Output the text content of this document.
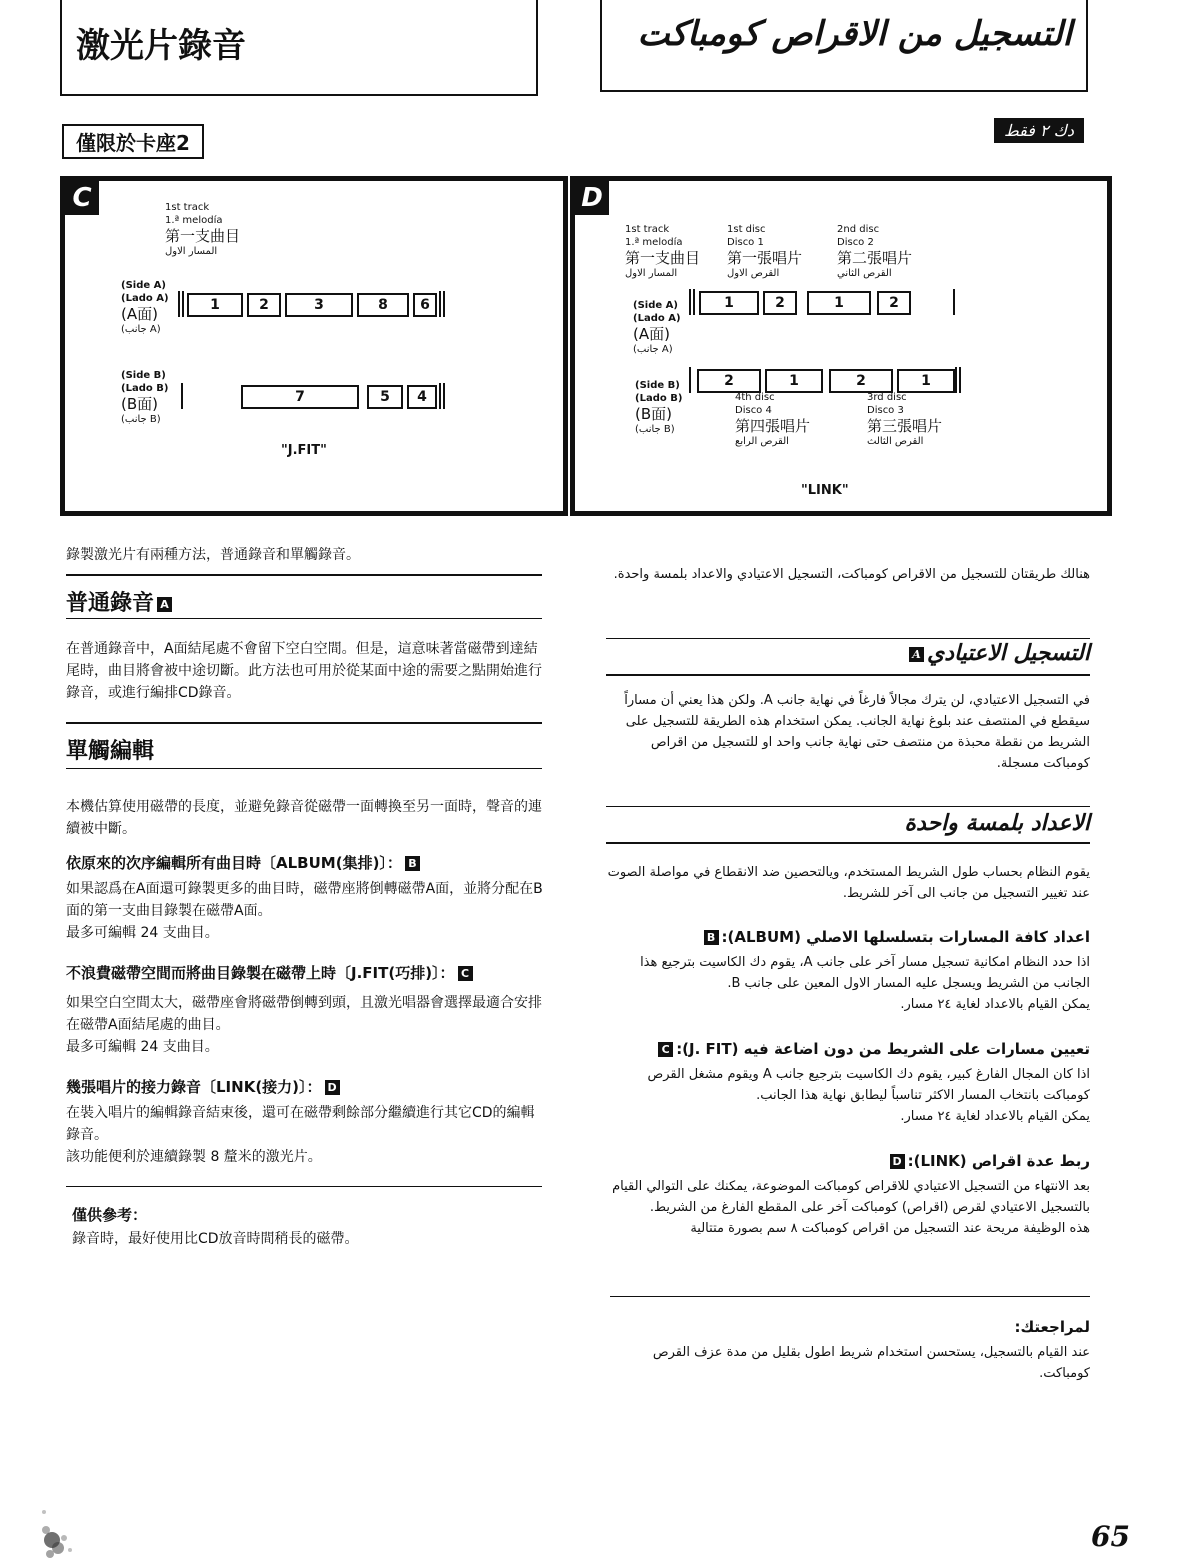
激光片錄音	التسجيل من الاقراص كومباكت
僅限於卡座2
دك ٢ فقط
C	1st track
1.ª melodía
第一支曲目
المسار الاول
(Side A)
(Lado A)
(A面)
(جانب A)
1	2	3	8	6
(Side B)
(Lado B)
(B面)
(جانب B)
7	5	4
"J.FIT"
D
1st track
1.ª melodía
第一支曲目
المسار الاول
1st disc
Disco 1
第一張唱片
القرص الاول
2nd disc
Disco 2
第二張唱片
القرص الثاني
(Side A)
(Lado A)
(A面)
(جانب A)
1	2	1	2
(Side B)
(Lado B)
(B面)
(جانب B)
2	1	2	1
4th disc
Disco 4
第四張唱片
القرص الرابع
3rd disc
Disco 3
第三張唱片
القرص الثالث
"LINK"
錄製激光片有兩種方法，普通錄音和單觸錄音。
普通錄音 A
在普通錄音中，A面結尾處不會留下空白空間。但是，這意味著當磁帶到達結尾時，曲目將會被中途切斷。此方法也可用於從某面中途的需要之點開始進行錄音，或進行編排CD錄音。
單觸編輯
本機估算使用磁帶的長度，並避免錄音從磁帶一面轉換至另一面時，聲音的連續被中斷。
依原來的次序編輯所有曲目時〔ALBUM(集排)〕： B
如果認爲在A面還可錄製更多的曲目時，磁帶座將倒轉磁帶A面，並將分配在B面的第一支曲目錄製在磁帶A面。
最多可編輯 24 支曲目。
不浪費磁帶空間而將曲目錄製在磁帶上時〔J.FIT(巧排)〕： C
如果空白空間太大，磁帶座會將磁帶倒轉到頭，且激光唱器會選擇最適合安排在磁帶A面結尾處的曲目。
最多可編輯 24 支曲目。
幾張唱片的接力錄音〔LINK(接力)〕： D
在裝入唱片的編輯錄音結束後，還可在磁帶剩餘部分繼續進行其它CD的編輯錄音。
該功能便利於連續錄製 8 釐米的激光片。
僅供參考：
錄音時，最好使用比CD放音時間稍長的磁帶。
هنالك طريقتان للتسجيل من الاقراص كومباكت، التسجيل الاعتيادي والاعداد بلمسة واحدة.
التسجيل الاعتياديA
في التسجيل الاعتيادي، لن يترك مجالاً فارغاً في نهاية جانب A. ولكن هذا يعني أن مساراً سيقطع في المنتصف عند بلوغ نهاية الجانب. يمكن استخدام هذه الطريقة للتسجيل على الشريط من نقطة محبذة من منتصف حتى نهاية جانب واحد او للتسجيل من اقراص كومباكت مسجلة.
الاعداد بلمسة واحدة
يقوم النظام بحساب طول الشريط المستخدم، ويالتحصين ضد الانقطاع في مواصلة الصوت عند تغيير التسجيل من جانب الى آخر للشريط.
اعداد كافة المسارات بتسلسلها الاصلي (ALBUM):B
اذا حدد النظام امكانية تسجيل مسار آخر على جانب A، يقوم دك الكاسيت بترجيع هذا الجانب من الشريط ويسجل عليه المسار الاول المعين على جانب B.
يمكن القيام بالاعداد لغاية ٢٤ مسار.
تعيين مسارات على الشريط من دون اضاعة فيه (J. FIT):C
اذا كان المجال الفارغ كبير، يقوم دك الكاسيت بترجيع جانب A ويقوم مشغل القرص كومباكت بانتخاب المسار الاكثر تناسباً ليطابق نهاية هذا الجانب.
يمكن القيام بالاعداد لغاية ٢٤ مسار.
ربط عدة اقراص (LINK):D
بعد الانتهاء من التسجيل الاعتيادي للاقراص كومباكت الموضوعة، يمكنك على التوالي القيام بالتسجيل الاعتيادي لقرص (اقراص) كومباكت آخر على المقطع الفارغ من الشريط.
هذه الوظيفة مريحة عند التسجيل من اقراص كومباكت ٨ سم بصورة متتالية
لمراجعتك:
عند القيام بالتسجيل، يستحسن استخدام شريط اطول بقليل من مدة عزف القرص كومباكت.
65
